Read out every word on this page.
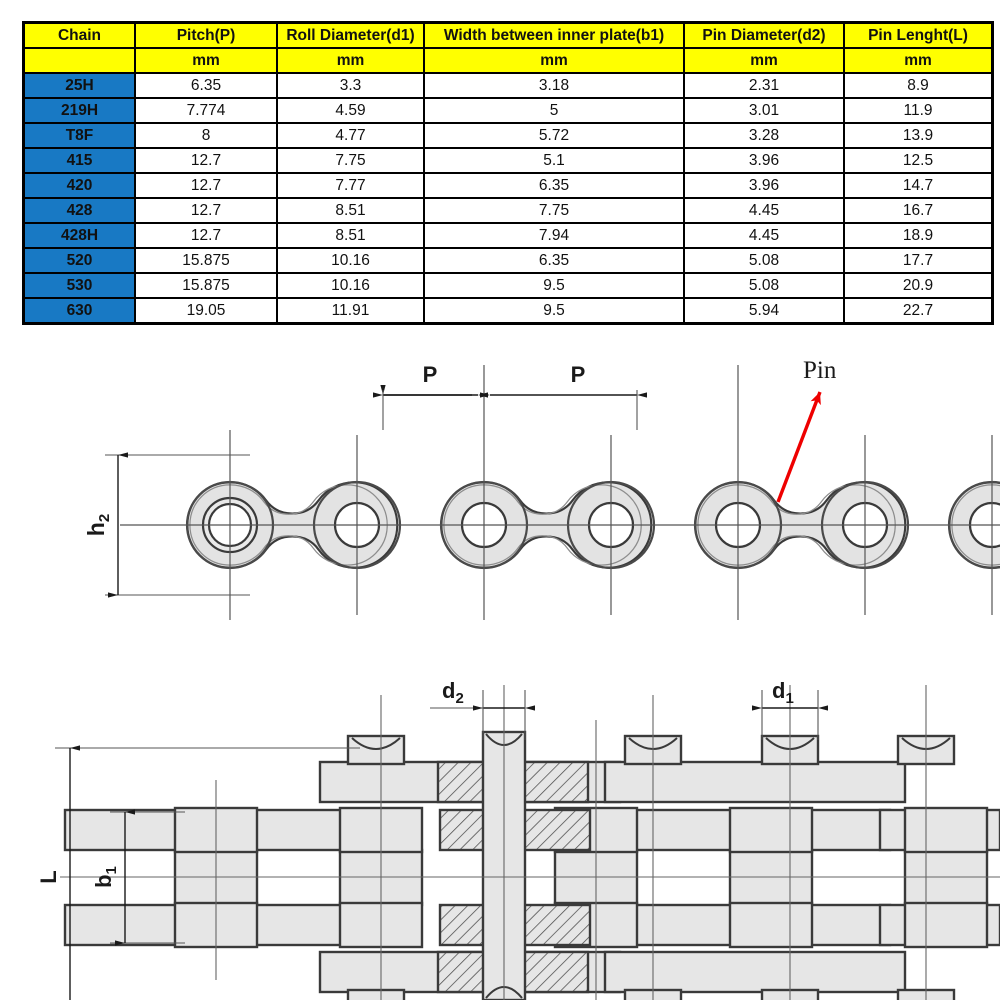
Chain	Pitch(P)	Roll Diameter(d1)	Width between inner plate(b1)	Pin Diameter(d2)	Pin Lenght(L)
	mm	mm	mm	mm	mm
25H	6.35	3.3	3.18	2.31	8.9
219H	7.774	4.59	5	3.01	11.9
T8F	8	4.77	5.72	3.28	13.9
415	12.7	7.75	5.1	3.96	12.5
420	12.7	7.77	6.35	3.96	14.7
428	12.7	8.51	7.75	4.45	16.7
428H	12.7	8.51	7.94	4.45	18.9
520	15.875	10.16	6.35	5.08	17.7
530	15.875	10.16	9.5	5.08	20.9
630	19.05	11.91	9.5	5.94	22.7
$h_2$
P	P	Pin
$d_2$	$d_1$
$b_1$
L
